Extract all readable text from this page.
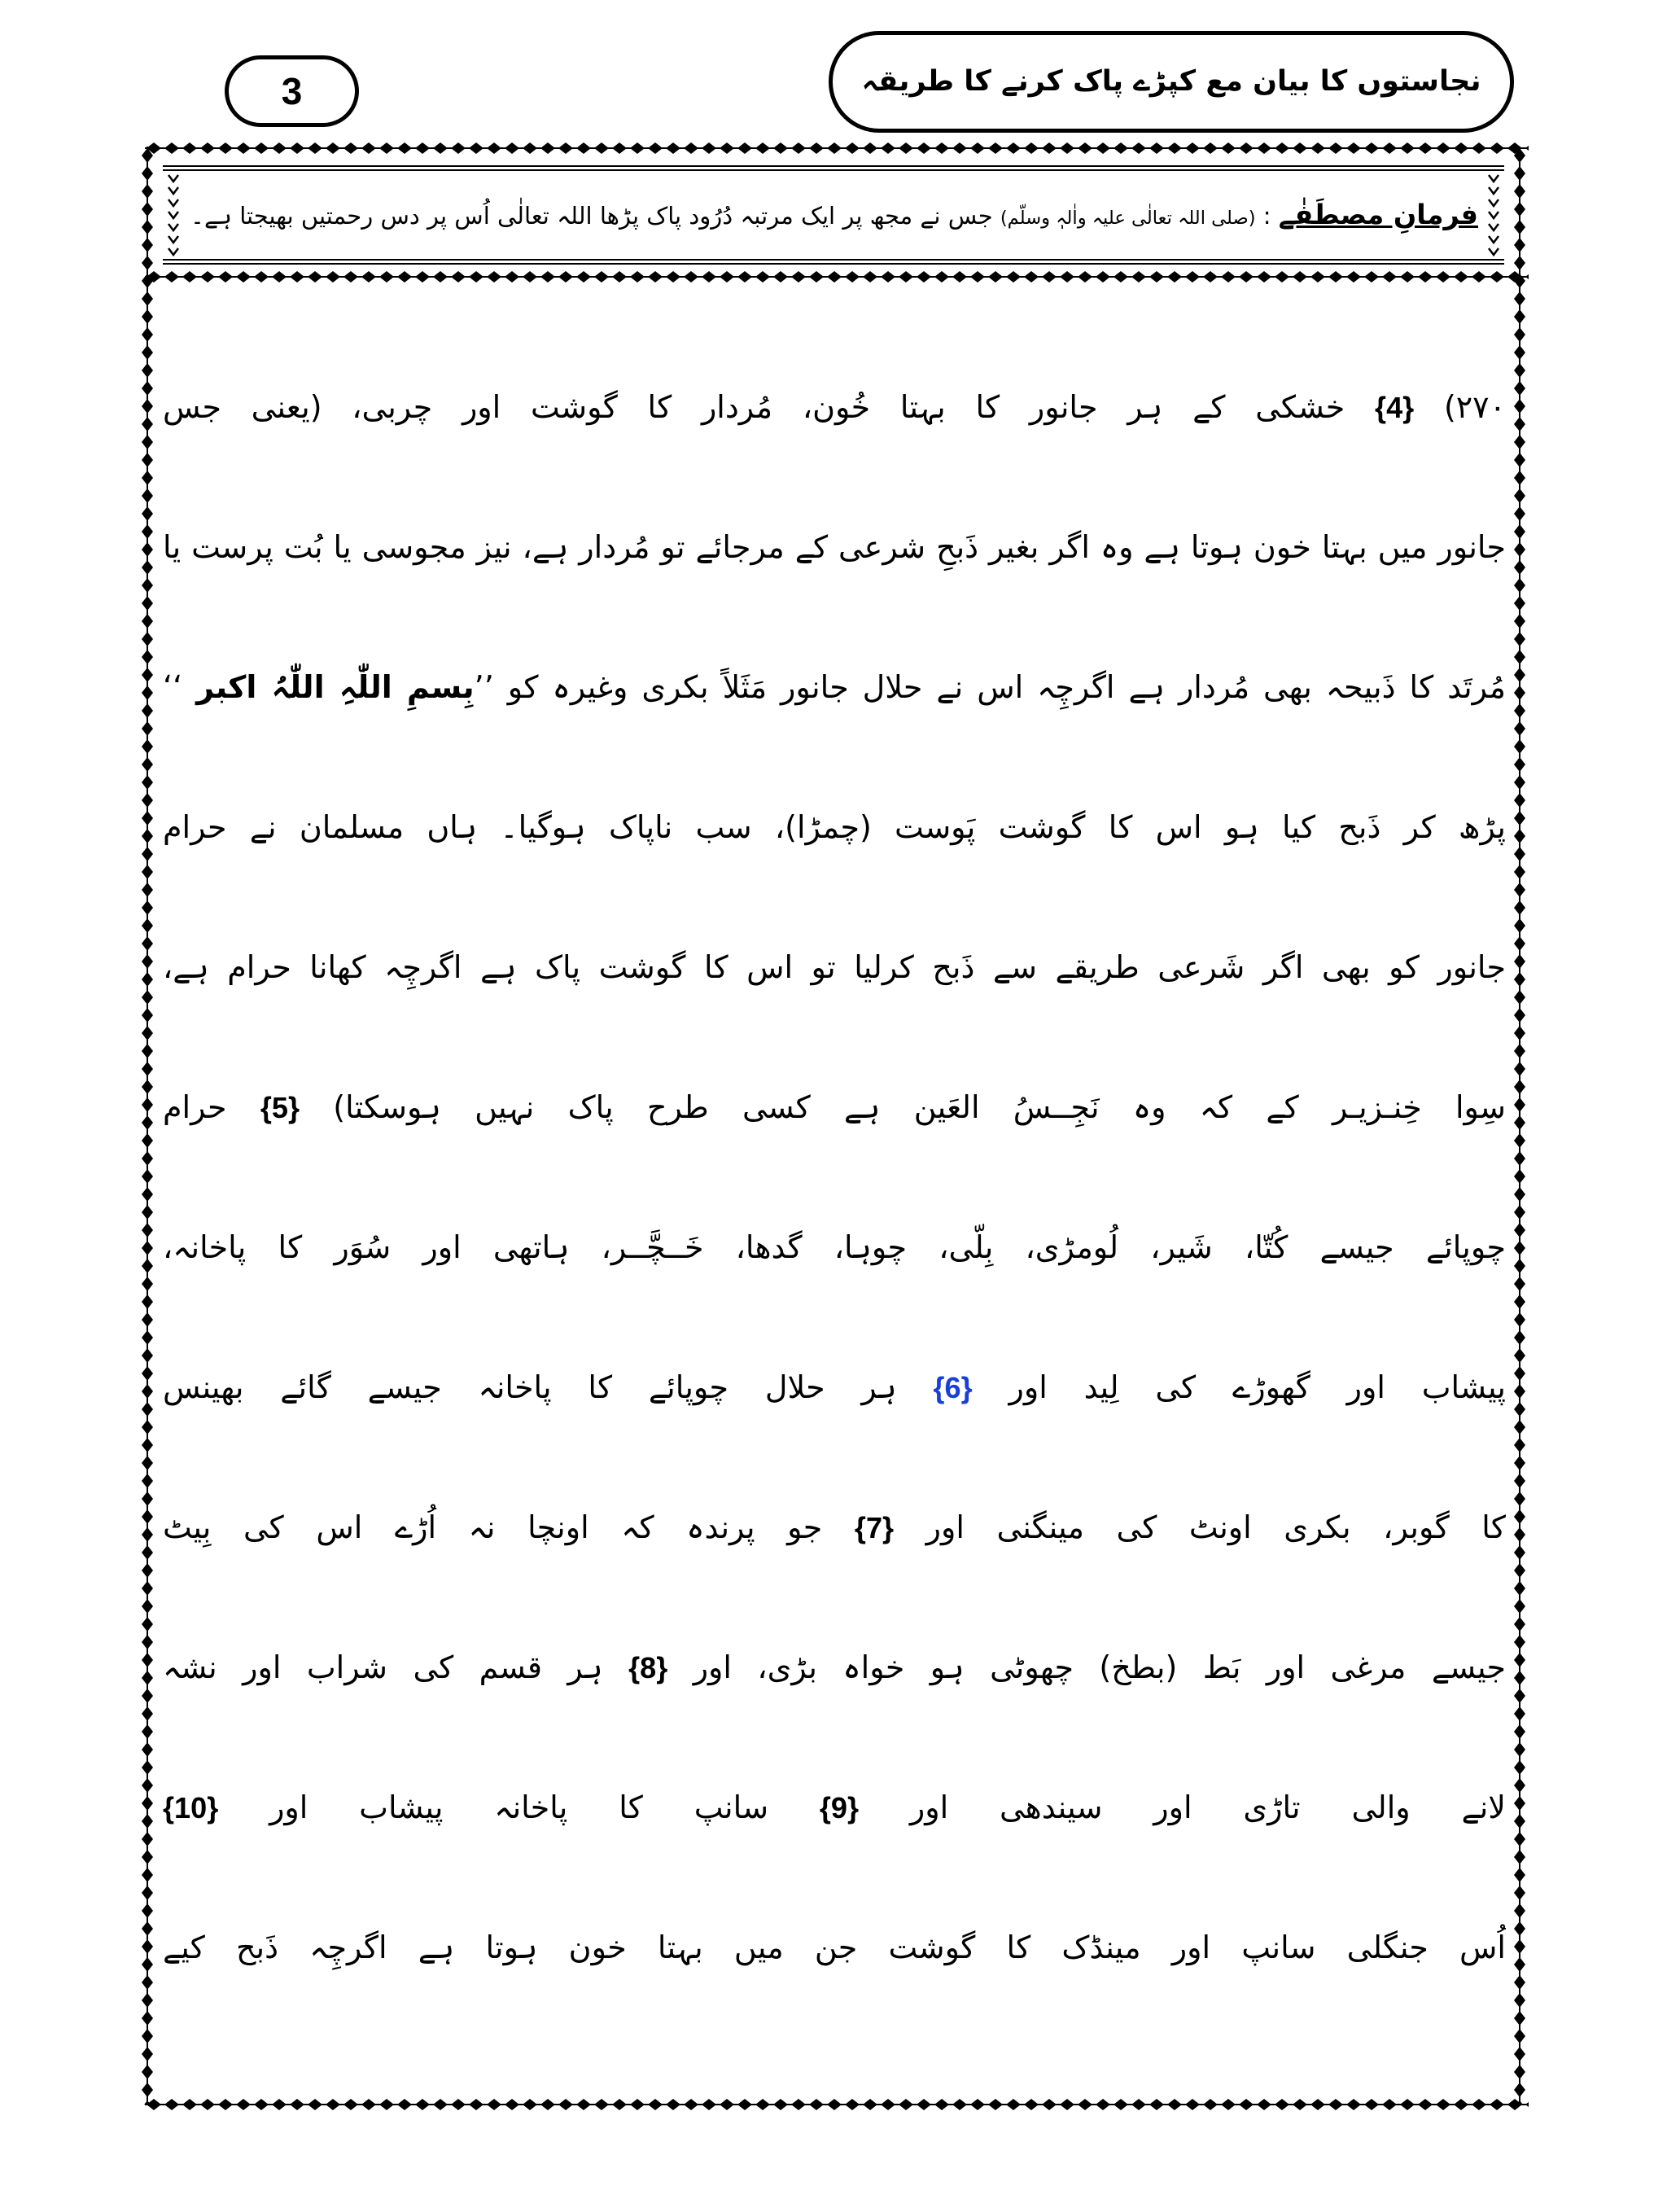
3	نجاستوں کا بیان مع کپڑے پاک کرنے کا طریقہ
فرمانِ مصطَفٰے : (صلی اللہ تعالٰی علیہ واٰلہٖ وسلّم) جس نے مجھ پر ایک مرتبہ دُرُود پاک پڑھا اللہ تعالٰی اُس پر دس رحمتیں بھیجتا ہے۔
۲۷۰) {4} خشکی کے ہر جانور کا بہتا خُون، مُردار کا گوشت اور چربی، (یعنی جس
جانور میں بہتا خون ہوتا ہے وہ اگر بغیر ذَبحِ شرعی کے مرجائے تو مُردار ہے، نیز مجوسی یا بُت پرست یا
مُرتَد کا ذَبیحہ بھی مُردار ہے اگرچِہ اس نے حلال جانور مَثَلاً بکری وغیرہ کو ’’بِسمِ اللّٰہِ اللّٰہُ اکبر ‘‘
پڑھ کر ذَبح کیا ہو اس کا گوشت پَوست (چمڑا)، سب ناپاک ہوگیا۔ ہاں مسلمان نے حرام
جانور کو بھی اگر شَرعی طریقے سے ذَبح کرلیا تو اس کا گوشت پاک ہے اگرچِہ کھانا حرام ہے،
سِوا خِنـزیـر کے کہ وہ نَجِــسُ العَین ہے کسی طرح پاک نہیں ہوسکتا) {5} حرام
چوپائے جیسے کُتّا، شَیر، لُومڑی، بِلّی، چوہا، گدھا، خَــچَّــر، ہاتھی اور سُوَر کا پاخانہ،
پیشاب اور گھوڑے کی لِید اور {6} ہر حلال چوپائے کا پاخانہ جیسے گائے بھینس
کا گوبر، بکری اونٹ کی مینگنی اور {7} جو پرندہ کہ اونچا نہ اُڑے اس کی بِیٹ
جیسے مرغی اور بَط (بطخ) چھوٹی ہو خواہ بڑی، اور {8} ہر قسم کی شراب اور نشہ
لانے والی تاڑی اور سیندھی اور {9} سانپ کا پاخانہ پیشاب اور {10}
اُس جنگلی سانپ اور مینڈک کا گوشت جن میں بہتا خون ہوتا ہے اگرچِہ ذَبح کیے
